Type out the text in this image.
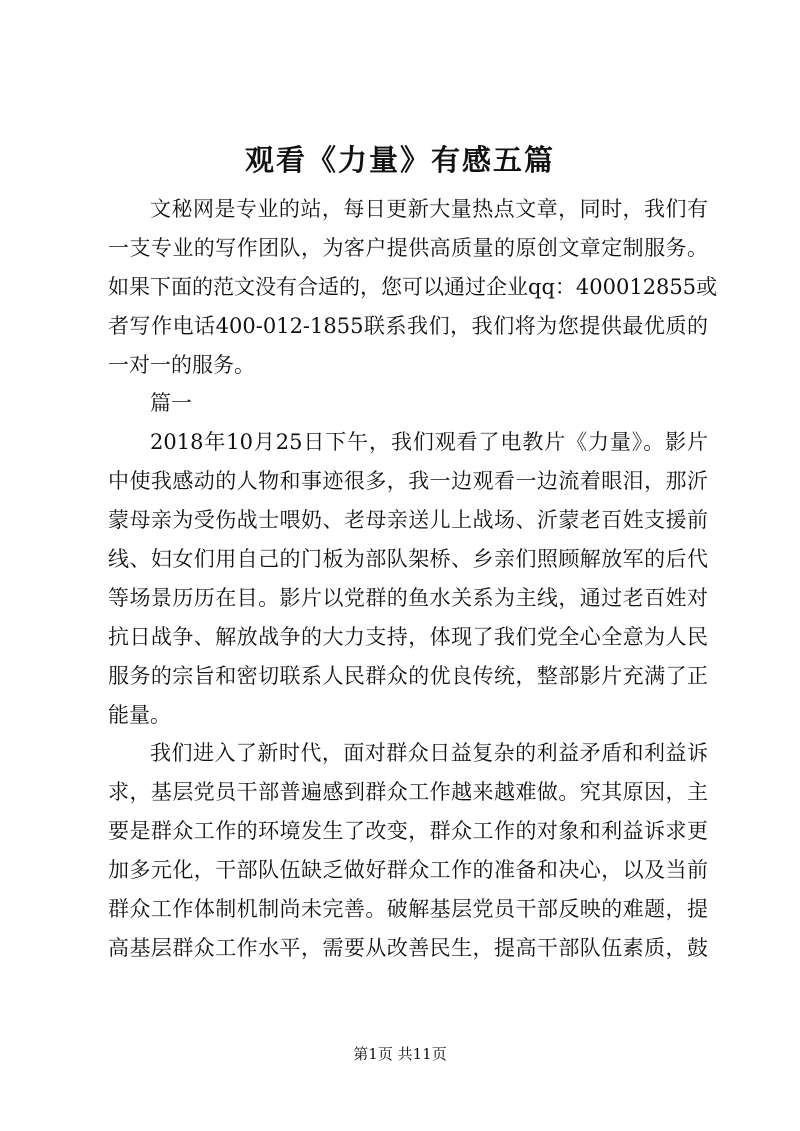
观看《力量》有感五篇
文秘网是专业的站，每日更新大量热点文章，同时，我们有
一支专业的写作团队，为客户提供高质量的原创文章定制服务。
如果下面的范文没有合适的，您可以通过企业qq：400012855或
者写作电话400-012-1855联系我们，我们将为您提供最优质的
一对一的服务。
篇一
2018年10月25日下午，我们观看了电教片《力量》。影片
中使我感动的人物和事迹很多，我一边观看一边流着眼泪，那沂
蒙母亲为受伤战士喂奶、老母亲送儿上战场、沂蒙老百姓支援前
线、妇女们用自己的门板为部队架桥、乡亲们照顾解放军的后代
等场景历历在目。影片以党群的鱼水关系为主线，通过老百姓对
抗日战争、解放战争的大力支持，体现了我们党全心全意为人民
服务的宗旨和密切联系人民群众的优良传统，整部影片充满了正
能量。
我们进入了新时代，面对群众日益复杂的利益矛盾和利益诉
求，基层党员干部普遍感到群众工作越来越难做。究其原因，主
要是群众工作的环境发生了改变，群众工作的对象和利益诉求更
加多元化，干部队伍缺乏做好群众工作的准备和决心，以及当前
群众工作体制机制尚未完善。破解基层党员干部反映的难题，提
高基层群众工作水平，需要从改善民生，提高干部队伍素质，鼓
第1页 共11页
